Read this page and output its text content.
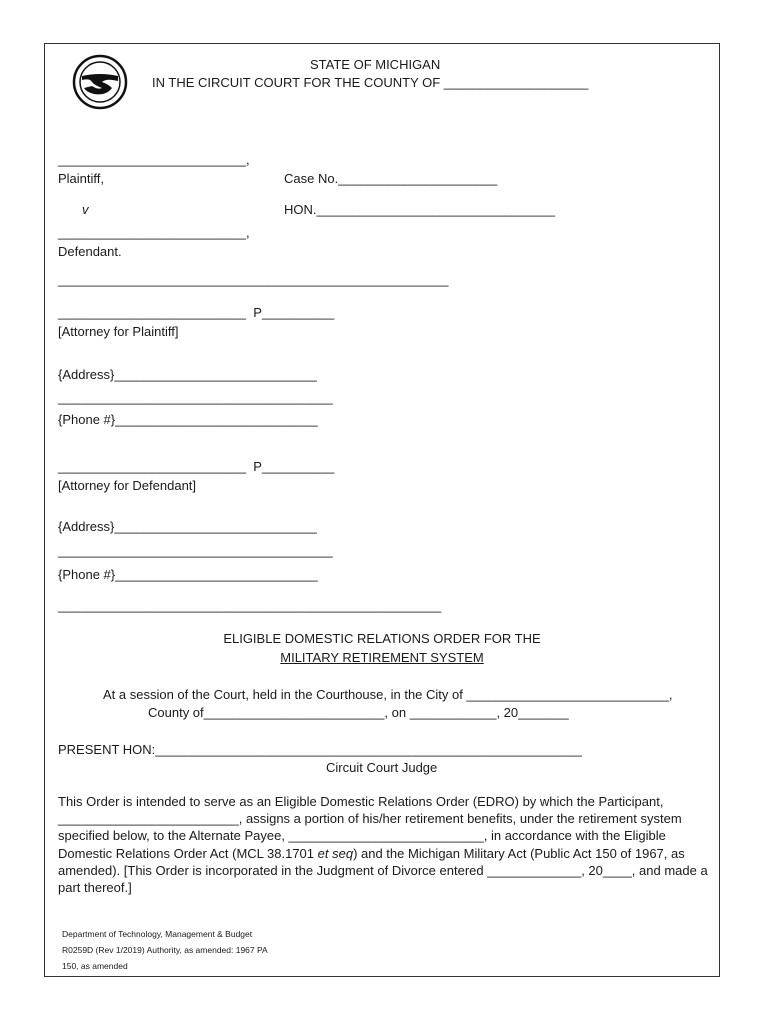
STATE OF MICHIGAN
IN THE CIRCUIT COURT FOR THE COUNTY OF ____________________
__________________________,
Plaintiff,	Case No.______________________
v	HON._________________________________
__________________________,
Defendant.
______________________________________________________
__________________________  P__________
[Attorney for Plaintiff]
{Address}____________________________
______________________________________
{Phone #}____________________________
__________________________  P__________
[Attorney for Defendant]
{Address}____________________________
______________________________________
{Phone #}____________________________
_____________________________________________________
ELIGIBLE DOMESTIC RELATIONS ORDER FOR THE
MILITARY RETIREMENT SYSTEM
At a session of the Court, held in the Courthouse, in the City of ____________________________,
County of_________________________, on ____________, 20_______
PRESENT HON:___________________________________________________________
Circuit Court Judge
This Order is intended to serve as an Eligible Domestic Relations Order (EDRO) by which the Participant, _________________________, assigns a portion of his/her retirement benefits, under the retirement system specified below, to the Alternate Payee, ___________________________, in accordance with the Eligible Domestic Relations Order Act (MCL 38.1701 et seq) and the Michigan Military Act (Public Act 150 of 1967, as amended). [This Order is incorporated in the Judgment of Divorce entered _____________, 20____, and made a part thereof.]
Department of Technology, Management & Budget
R0259D (Rev 1/2019) Authority, as amended: 1967 PA
150, as amended
